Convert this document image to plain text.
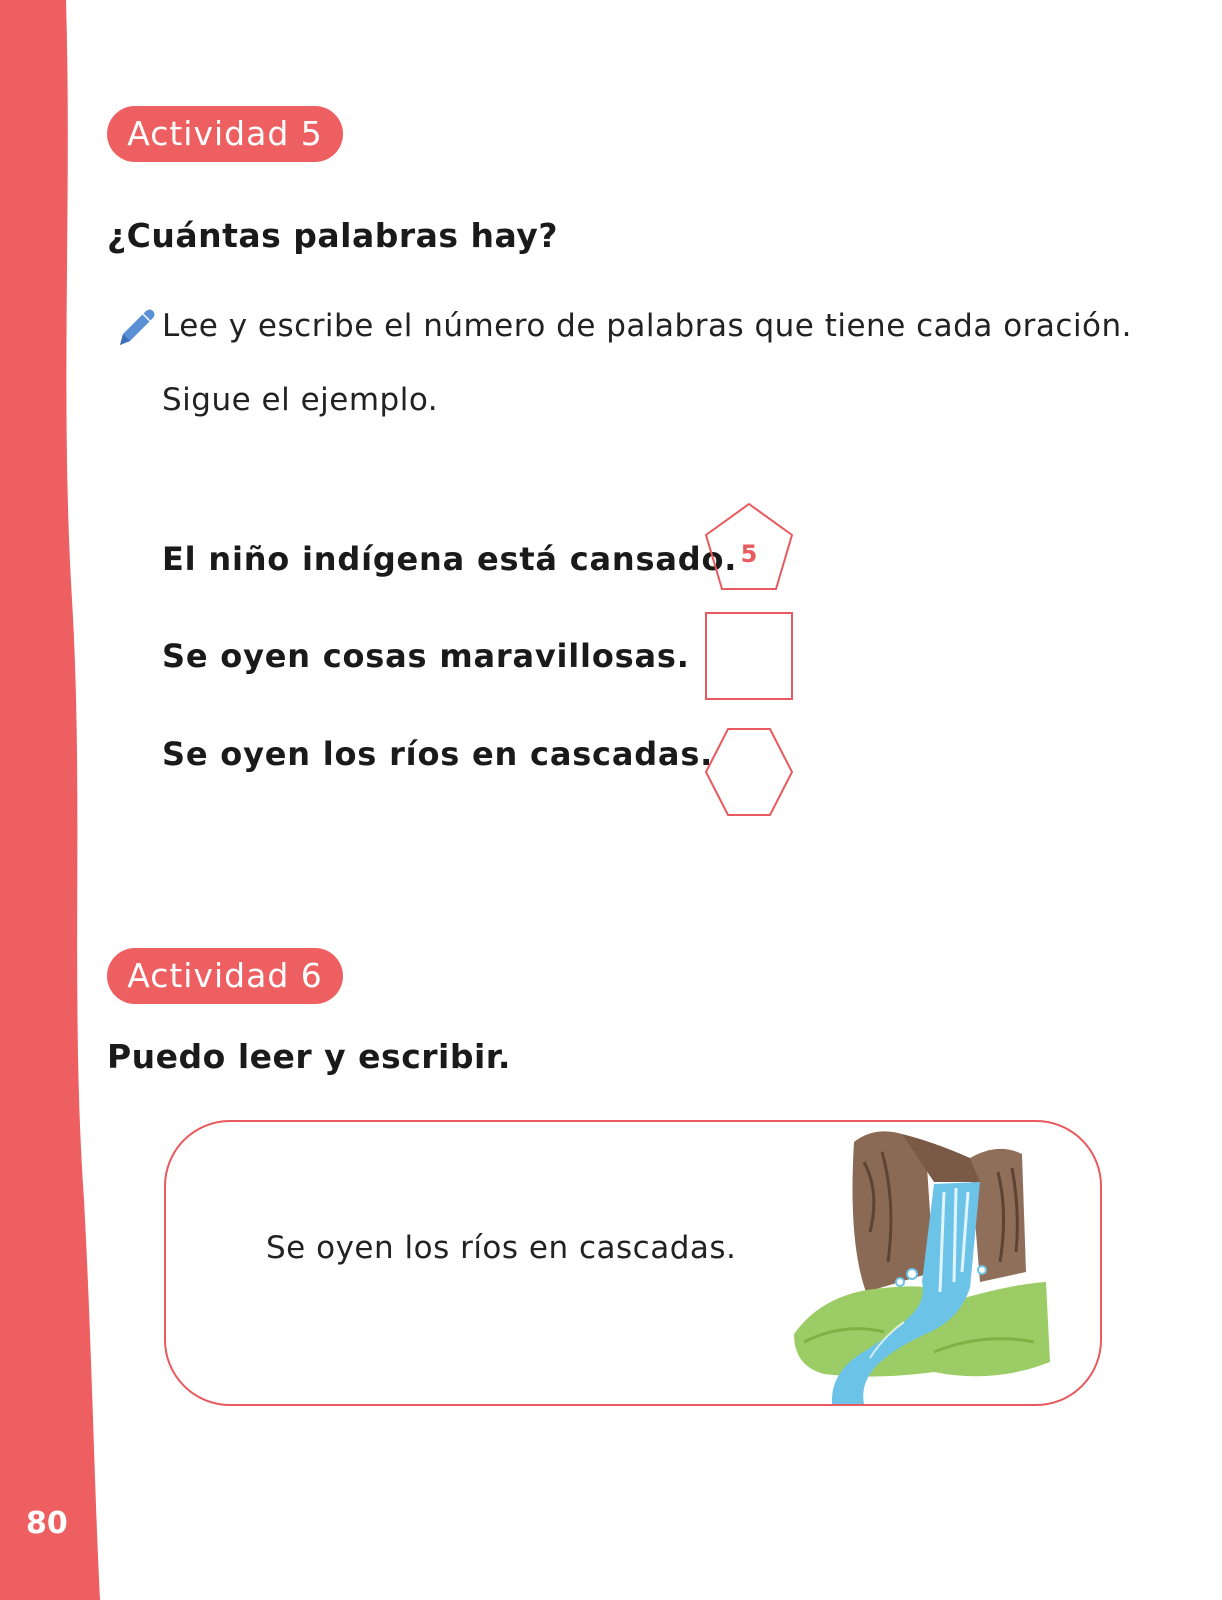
80
Actividad 5
¿Cuántas palabras hay?
Lee y escribe el número de palabras que tiene cada oración.
Sigue el ejemplo.
El niño indígena está cansado.
Se oyen cosas maravillosas.
Se oyen los ríos en cascadas.
5
Actividad 6
Puedo leer y escribir.
Se oyen los ríos en cascadas.
